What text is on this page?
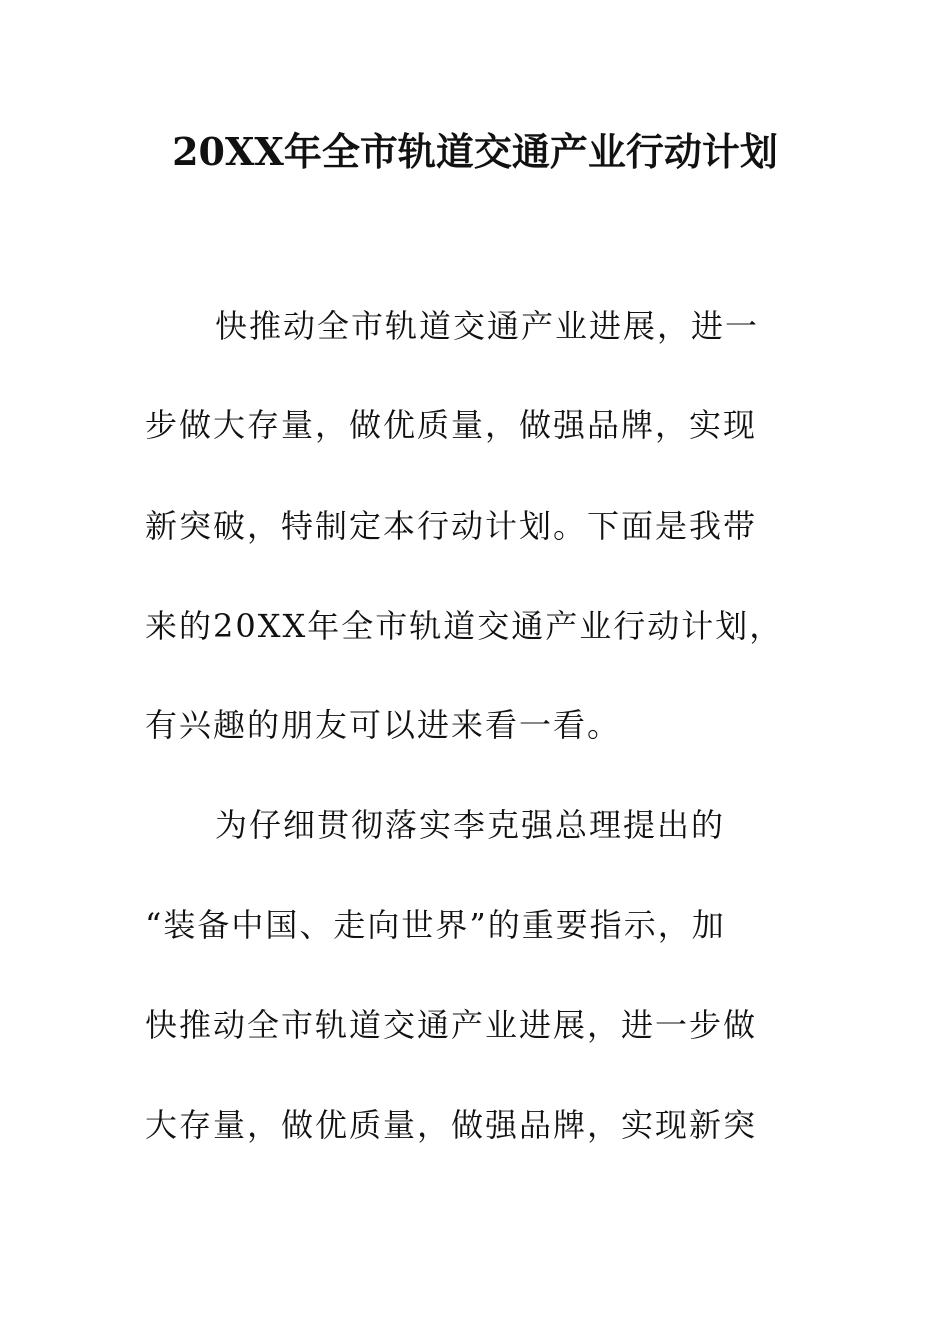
20XX年全市轨道交通产业行动计划
快推动全市轨道交通产业进展，进一
步做大存量，做优质量，做强品牌，实现
新突破，特制定本行动计划。下面是我带
来的20XX年全市轨道交通产业行动计划，
有兴趣的朋友可以进来看一看。
为仔细贯彻落实李克强总理提出的
“装备中国、走向世界”的重要指示，加
快推动全市轨道交通产业进展，进一步做
大存量，做优质量，做强品牌，实现新突
